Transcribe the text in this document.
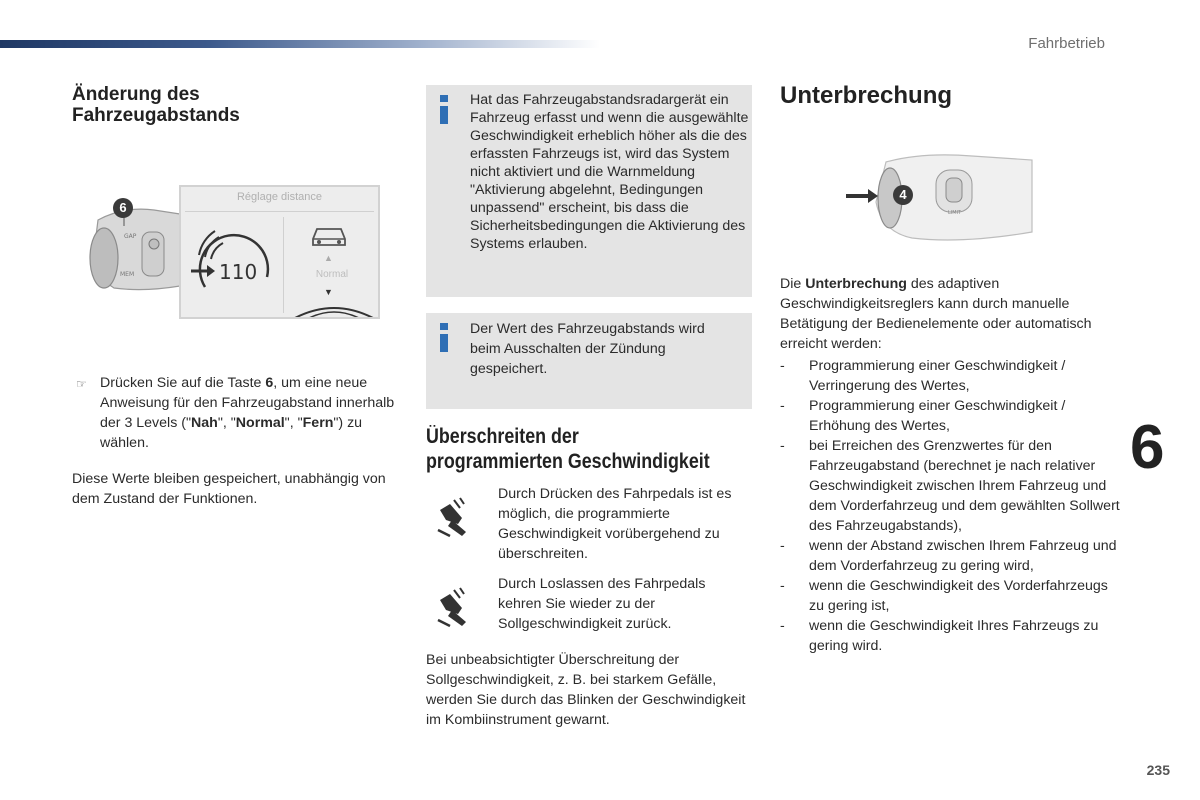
Fahrbetrieb
6
235
Änderung des Fahrzeugabstands
GAP
MEM
6
Réglage distance
110
▲
Normal
▼
☞ Drücken Sie auf die Taste 6, um eine neue Anweisung für den Fahrzeugabstand innerhalb der 3 Levels ("Nah", "Normal", "Fern") zu wählen.
Diese Werte bleiben gespeichert, unabhängig von dem Zustand der Funktionen.
Hat das Fahrzeugabstandsradargerät ein Fahrzeug erfasst und wenn die ausgewählte Geschwindigkeit erheblich höher als die des erfassten Fahrzeugs ist, wird das System nicht aktiviert und die Warnmeldung "Aktivierung abgelehnt, Bedingungen unpassend" erscheint, bis dass die Sicherheitsbedingungen die Aktivierung des Systems erlauben.
Der Wert des Fahrzeugabstands wird beim Ausschalten der Zündung gespeichert.
Überschreiten der
programmierten Geschwindigkeit
Durch Drücken des Fahrpedals ist es möglich, die programmierte Geschwindigkeit vorübergehend zu überschreiten.
Durch Loslassen des Fahrpedals kehren Sie wieder zu der Sollgeschwindigkeit zurück.
Bei unbeabsichtigter Überschreitung der Sollgeschwindigkeit, z. B. bei starkem Gefälle, werden Sie durch das Blinken der Geschwindigkeit im Kombiinstrument gewarnt.
Unterbrechung
LIMIT
4
Die Unterbrechung des adaptiven Geschwindigkeitsreglers kann durch manuelle Betätigung der Bedienelemente oder automatisch erreicht werden:
- Programmierung einer Geschwindigkeit / Verringerung des Wertes,
- Programmierung einer Geschwindigkeit / Erhöhung des Wertes,
- bei Erreichen des Grenzwertes für den Fahrzeugabstand (berechnet je nach relativer Geschwindigkeit zwischen Ihrem Fahrzeug und dem Vorderfahrzeug und dem gewählten Sollwert des Fahrzeugabstands),
- wenn der Abstand zwischen Ihrem Fahrzeug und dem Vorderfahrzeug zu gering wird,
- wenn die Geschwindigkeit des Vorderfahrzeugs zu gering ist,
- wenn die Geschwindigkeit Ihres Fahrzeugs zu gering wird.
